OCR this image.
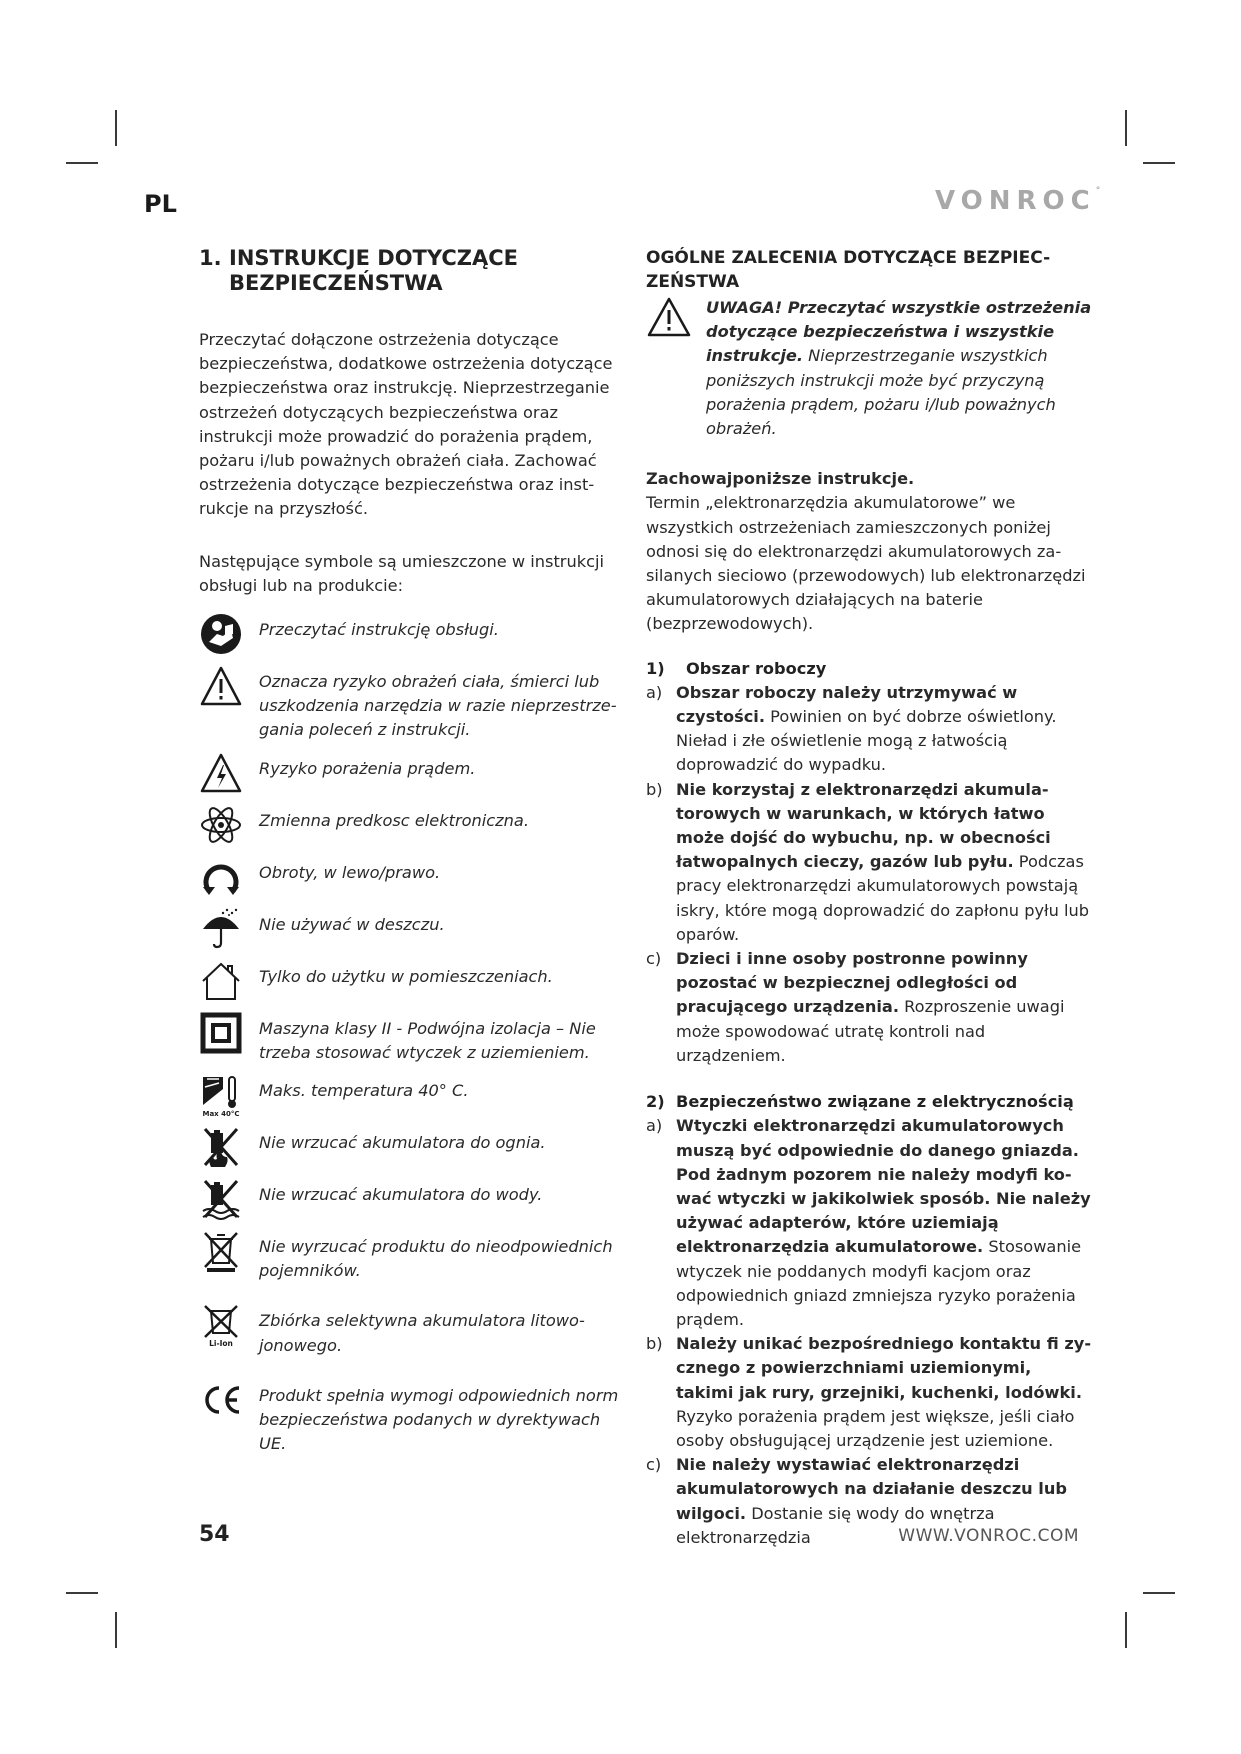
PL	VONROC°
1. INSTRUKCJE DOTYCZĄCE
BEZPIECZEŃSTWA

Przeczytać dołączone ostrzeżenia dotyczące bezpieczeństwa, dodatkowe ostrzeżenia dotyczące bezpieczeństwa oraz instrukcję. Nieprzestrzeganie ostrzeżeń dotyczących bezpieczeństwa oraz instrukcji może prowadzić do porażenia prądem, pożaru i/lub poważnych obrażeń ciała. Zachować ostrzeżenia dotyczące bezpieczeństwa oraz instrukcje na przyszłość.

Następujące symbole są umieszczone w instrukcji obsługi lub na produkcie:

Przeczytać instrukcję obsługi.
Oznacza ryzyko obrażeń ciała, śmierci lub uszkodzenia narzędzia w razie nieprzestrzegania poleceń z instrukcji.
Ryzyko porażenia prądem.
Zmienna predkosc elektroniczna.
Obroty, w lewo/prawo.
Nie używać w deszczu.
Tylko do użytku w pomieszczeniach.
Maszyna klasy II - Podwójna izolacja – Nie trzeba stosować wtyczek z uziemieniem.
Max 40°C
Maks. temperatura 40° C.
Nie wrzucać akumulatora do ognia.
Nie wrzucać akumulatora do wody.
Nie wyrzucać produktu do nieodpowiednich pojemników.
Li-Ion
Zbiórka selektywna akumulatora litowojonowego.
Produkt spełnia wymogi odpowiednich norm bezpieczeństwa podanych w dyrektywach UE.
OGÓLNE ZALECENIA DOTYCZĄCE BEZPIEC-
ZEŃSTWA
UWAGA! Przeczytać wszystkie ostrzeżenia dotyczące bezpieczeństwa i wszystkie instrukcje. Nieprzestrzeganie wszystkich poniższych instrukcji może być przyczyną porażenia prądem, pożaru i/lub poważnych obrażeń.
Zachowajponiższe instrukcje.

Termin „elektronarzędzia akumulatorowe” we wszystkich ostrzeżeniach zamieszczonych poniżej odnosi się do elektronarzędzi akumulatorowych zasilanych sieciowo (przewodowych) lub elektronarzędzi akumulatorowych działających na baterie (bezprzewodowych).

1)	Obszar roboczy
a) Obszar roboczy należy utrzymywać w czystości. Powinien on być dobrze oświetlony. Nieład i złe oświetlenie mogą z łatwością doprowadzić do wypadku.
b) Nie korzystaj z elektronarzędzi akumulatorowych w warunkach, w których łatwo może dojść do wybuchu, np. w obecności łatwopalnych cieczy, gazów lub pyłu. Podczas pracy elektronarzędzi akumulatorowych powstają iskry, które mogą doprowadzić do zapłonu pyłu lub oparów.
c) Dzieci i inne osoby postronne powinny pozostać w bezpiecznej odległości od pracującego urządzenia. Rozproszenie uwagi może spowodować utratę kontroli nad urządzeniem.
2) Bezpieczeństwo związane z elektrycznością
a) Wtyczki elektronarzędzi akumulatorowych muszą być odpowiednie do danego gniazda. Pod żadnym pozorem nie należy modyfi kować wtyczki w jakikolwiek sposób. Nie należy używać adapterów, które uziemiają elektronarzędzia akumulatorowe. Stosowanie wtyczek nie poddanych modyfi kacjom oraz odpowiednich gniazd zmniejsza ryzyko porażenia prądem.
b) Należy unikać bezpośredniego kontaktu fi zycznego z powierzchniami uziemionymi, takimi jak rury, grzejniki, kuchenki, lodówki. Ryzyko porażenia prądem jest większe, jeśli ciało osoby obsługującej urządzenie jest uziemione.
c) Nie należy wystawiać elektronarzędzi akumulatorowych na działanie deszczu lub wilgoci. Dostanie się wody do wnętrza elektronarzędzia
54	WWW.VONROC.COM
